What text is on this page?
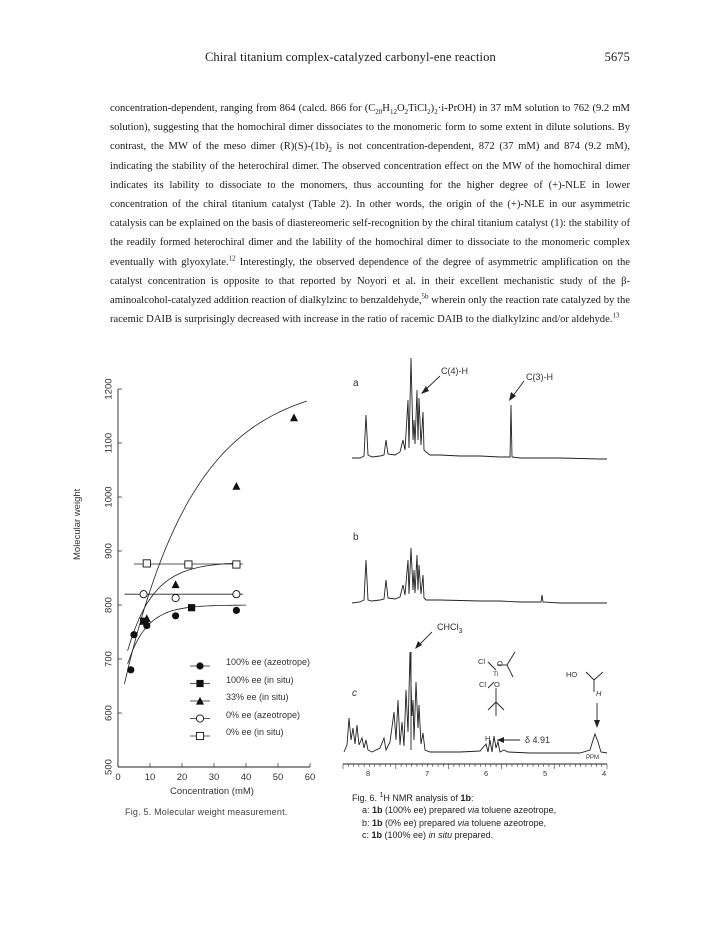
Chiral titanium complex-catalyzed carbonyl-ene reaction	5675

concentration-dependent, ranging from 864 (calcd. 866 for $(C_{20}H_{12}O_2TiCl_2)_2\cdot i-PrOH$) in 37 mM solution to 762 (9.2 mM solution), suggesting that the homochiral dimer dissociates to the monomeric form to some extent in dilute solutions. By contrast, the MW of the meso dimer $(R)(S)-(1b)_2$ is not concentration-dependent, 872 (37 mM) and 874 (9.2 mM), indicating the stability of the heterochiral dimer. The observed concentration effect on the MW of the homochiral dimer indicates its lability to dissociate to the monomers, thus accounting for the higher degree of (+)-NLE in lower concentration of the chiral titanium catalyst (Table 2). In other words, the origin of the (+)-NLE in our asymmetric catalysis can be explained on the basis of diastereomeric self-recognition by the chiral titanium catalyst (1): the stability of the readily formed heterochiral dimer and the lability of the homochiral dimer to dissociate to the monomeric complex eventually with glyoxylate.$^{12}$ Interestingly, the observed dependence of the degree of asymmetric amplification on the catalyst concentration is opposite to that reported by Noyori et al. in their excellent mechanistic study of the β-aminoalcohol-catalyzed addition reaction of dialkylzinc to benzaldehyde,$^{5b}$ wherein only the reaction rate catalyzed by the racemic DAIB is surprisingly decreased with increase in the ratio of racemic DAIB to the dialkylzinc and/or aldehyde.$^{13}$

0	10 20 30 40 50 60
500
600
700
800
900
1000
1100
1200
100% ee (azeotrope)
100% ee (in situ)
33% ee (in situ)
0% ee (azeotrope)
0% ee (in situ)
Concentration (mM)
Molecular weight
Fig. 5. Molecular weight measurement.
a
b
c
C(4)-H
C(3)-H
CHCl$_3$
δ 4.91
PPM
Cl
Cl
Ti
O
O
HO
H
H
8	7	6	5	4
Fig. 6. $^1$H NMR analysis of 1b:
a: 1b (100% ee) prepared via toluene azeotrope,
b: 1b (0% ee) prepared via toluene azeotrope,
c: 1b (100% ee) in situ prepared.
